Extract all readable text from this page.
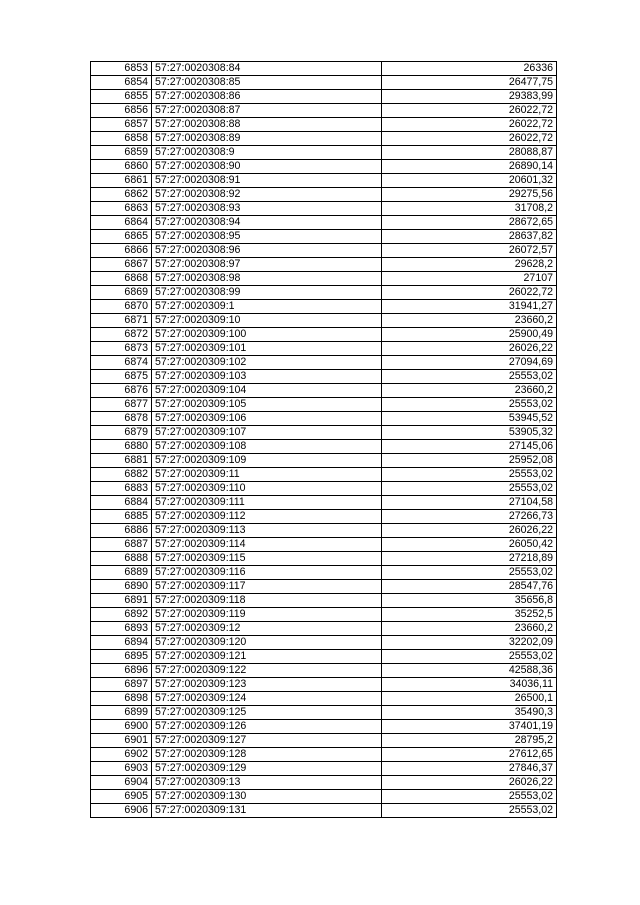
6853	57:27:0020308:84	26336
6854	57:27:0020308:85	26477,75
6855	57:27:0020308:86	29383,99
6856	57:27:0020308:87	26022,72
6857	57:27:0020308:88	26022,72
6858	57:27:0020308:89	26022,72
6859	57:27:0020308:9	28088,87
6860	57:27:0020308:90	26890,14
6861	57:27:0020308:91	20601,32
6862	57:27:0020308:92	29275,56
6863	57:27:0020308:93	31708,2
6864	57:27:0020308:94	28672,65
6865	57:27:0020308:95	28637,82
6866	57:27:0020308:96	26072,57
6867	57:27:0020308:97	29628,2
6868	57:27:0020308:98	27107
6869	57:27:0020308:99	26022,72
6870	57:27:0020309:1	31941,27
6871	57:27:0020309:10	23660,2
6872	57:27:0020309:100	25900,49
6873	57:27:0020309:101	26026,22
6874	57:27:0020309:102	27094,69
6875	57:27:0020309:103	25553,02
6876	57:27:0020309:104	23660,2
6877	57:27:0020309:105	25553,02
6878	57:27:0020309:106	53945,52
6879	57:27:0020309:107	53905,32
6880	57:27:0020309:108	27145,06
6881	57:27:0020309:109	25952,08
6882	57:27:0020309:11	25553,02
6883	57:27:0020309:110	25553,02
6884	57:27:0020309:111	27104,58
6885	57:27:0020309:112	27266,73
6886	57:27:0020309:113	26026,22
6887	57:27:0020309:114	26050,42
6888	57:27:0020309:115	27218,89
6889	57:27:0020309:116	25553,02
6890	57:27:0020309:117	28547,76
6891	57:27:0020309:118	35656,8
6892	57:27:0020309:119	35252,5
6893	57:27:0020309:12	23660,2
6894	57:27:0020309:120	32202,09
6895	57:27:0020309:121	25553,02
6896	57:27:0020309:122	42588,36
6897	57:27:0020309:123	34036,11
6898	57:27:0020309:124	26500,1
6899	57:27:0020309:125	35490,3
6900	57:27:0020309:126	37401,19
6901	57:27:0020309:127	28795,2
6902	57:27:0020309:128	27612,65
6903	57:27:0020309:129	27846,37
6904	57:27:0020309:13	26026,22
6905	57:27:0020309:130	25553,02
6906	57:27:0020309:131	25553,02
